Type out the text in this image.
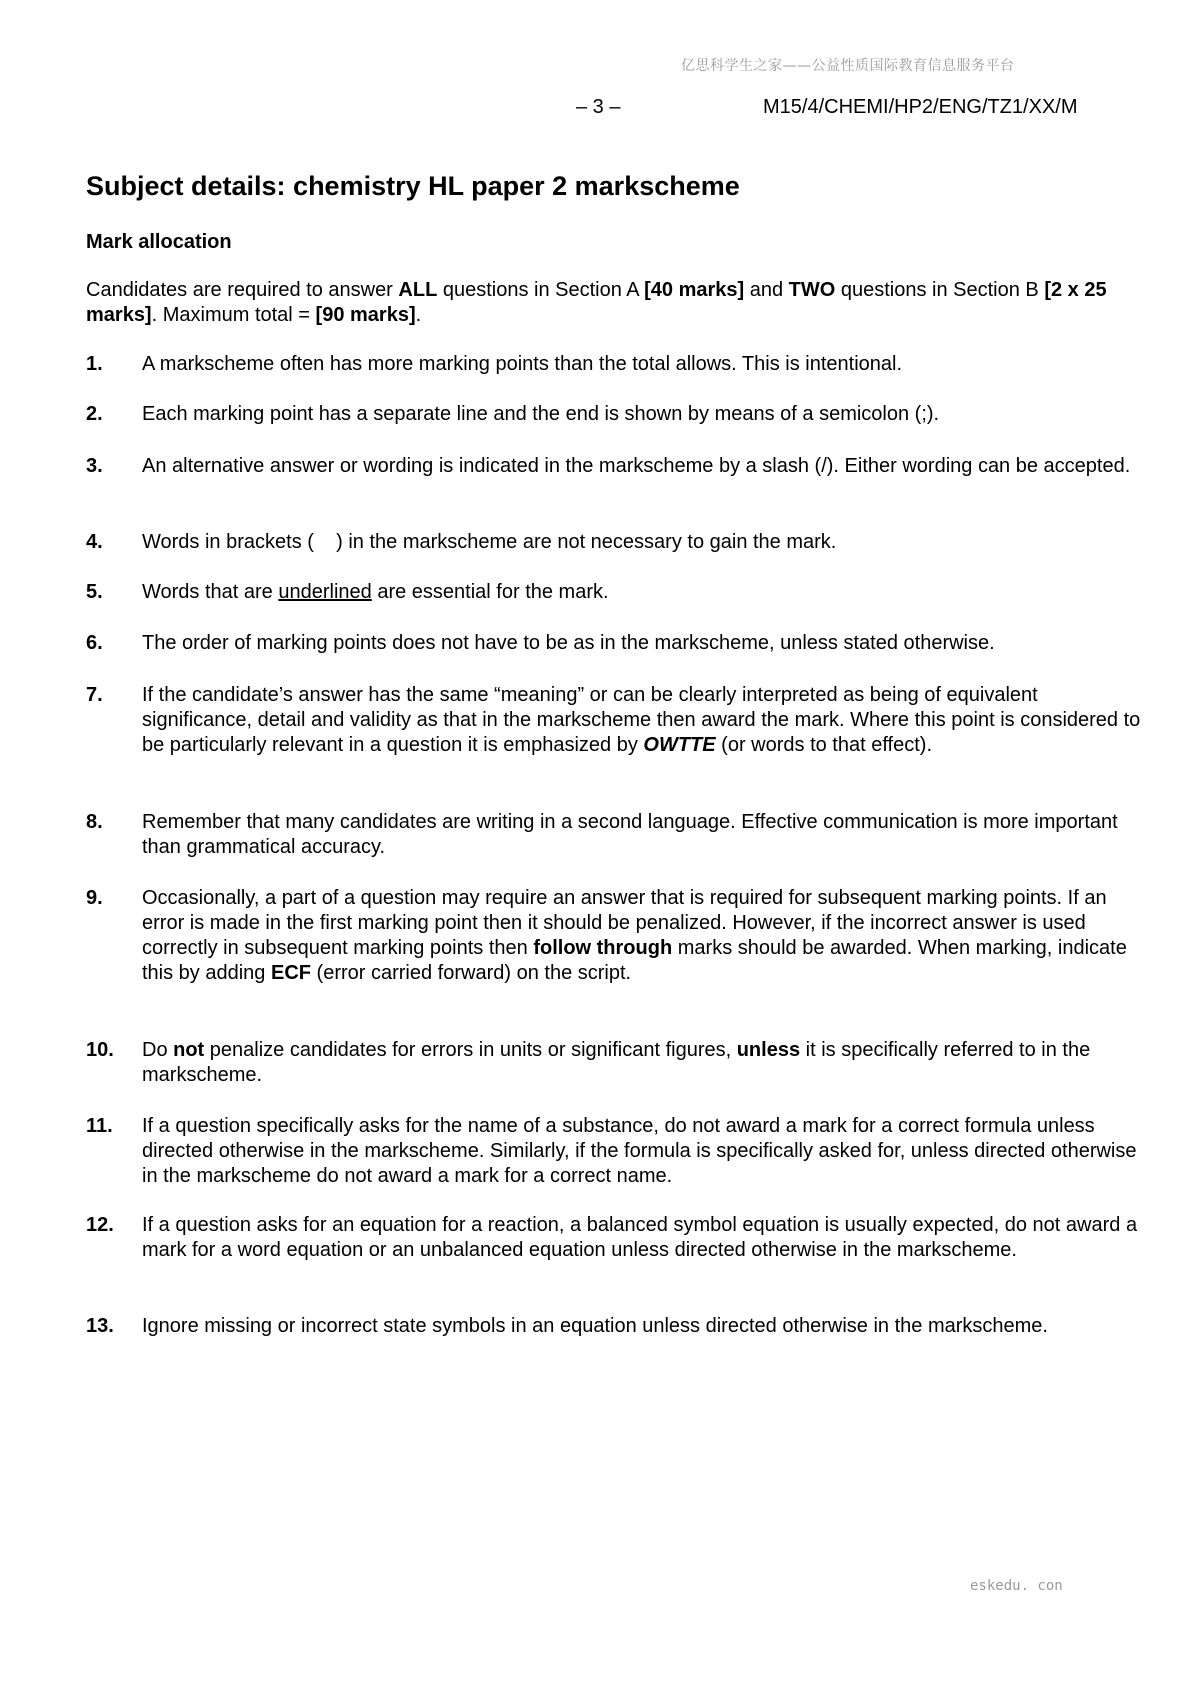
亿思科学生之家——公益性质国际教育信息服务平台
– 3 –	M15/4/CHEMI/HP2/ENG/TZ1/XX/M
Subject details: chemistry HL paper 2 markscheme
Mark allocation
Candidates are required to answer ALL questions in Section A [40 marks] and TWO questions in Section B [2 x 25 marks]. Maximum total = [90 marks].
1. A markscheme often has more marking points than the total allows. This is intentional.
2. Each marking point has a separate line and the end is shown by means of a semicolon (;).
3. An alternative answer or wording is indicated in the markscheme by a slash (/). Either wording can be accepted.
4. Words in brackets (    ) in the markscheme are not necessary to gain the mark.
5. Words that are underlined are essential for the mark.
6. The order of marking points does not have to be as in the markscheme, unless stated otherwise.
7. If the candidate’s answer has the same “meaning” or can be clearly interpreted as being of equivalent significance, detail and validity as that in the markscheme then award the mark. Where this point is considered to be particularly relevant in a question it is emphasized by OWTTE (or words to that effect).
8. Remember that many candidates are writing in a second language. Effective communication is more important than grammatical accuracy.
9. Occasionally, a part of a question may require an answer that is required for subsequent marking points. If an error is made in the first marking point then it should be penalized. However, if the incorrect answer is used correctly in subsequent marking points then follow through marks should be awarded. When marking, indicate this by adding ECF (error carried forward) on the script.
10. Do not penalize candidates for errors in units or significant figures, unless it is specifically referred to in the markscheme.
11. If a question specifically asks for the name of a substance, do not award a mark for a correct formula unless directed otherwise in the markscheme. Similarly, if the formula is specifically asked for, unless directed otherwise in the markscheme do not award a mark for a correct name.
12. If a question asks for an equation for a reaction, a balanced symbol equation is usually expected, do not award a mark for a word equation or an unbalanced equation unless directed otherwise in the markscheme.
13. Ignore missing or incorrect state symbols in an equation unless directed otherwise in the markscheme.
eskedu. con
